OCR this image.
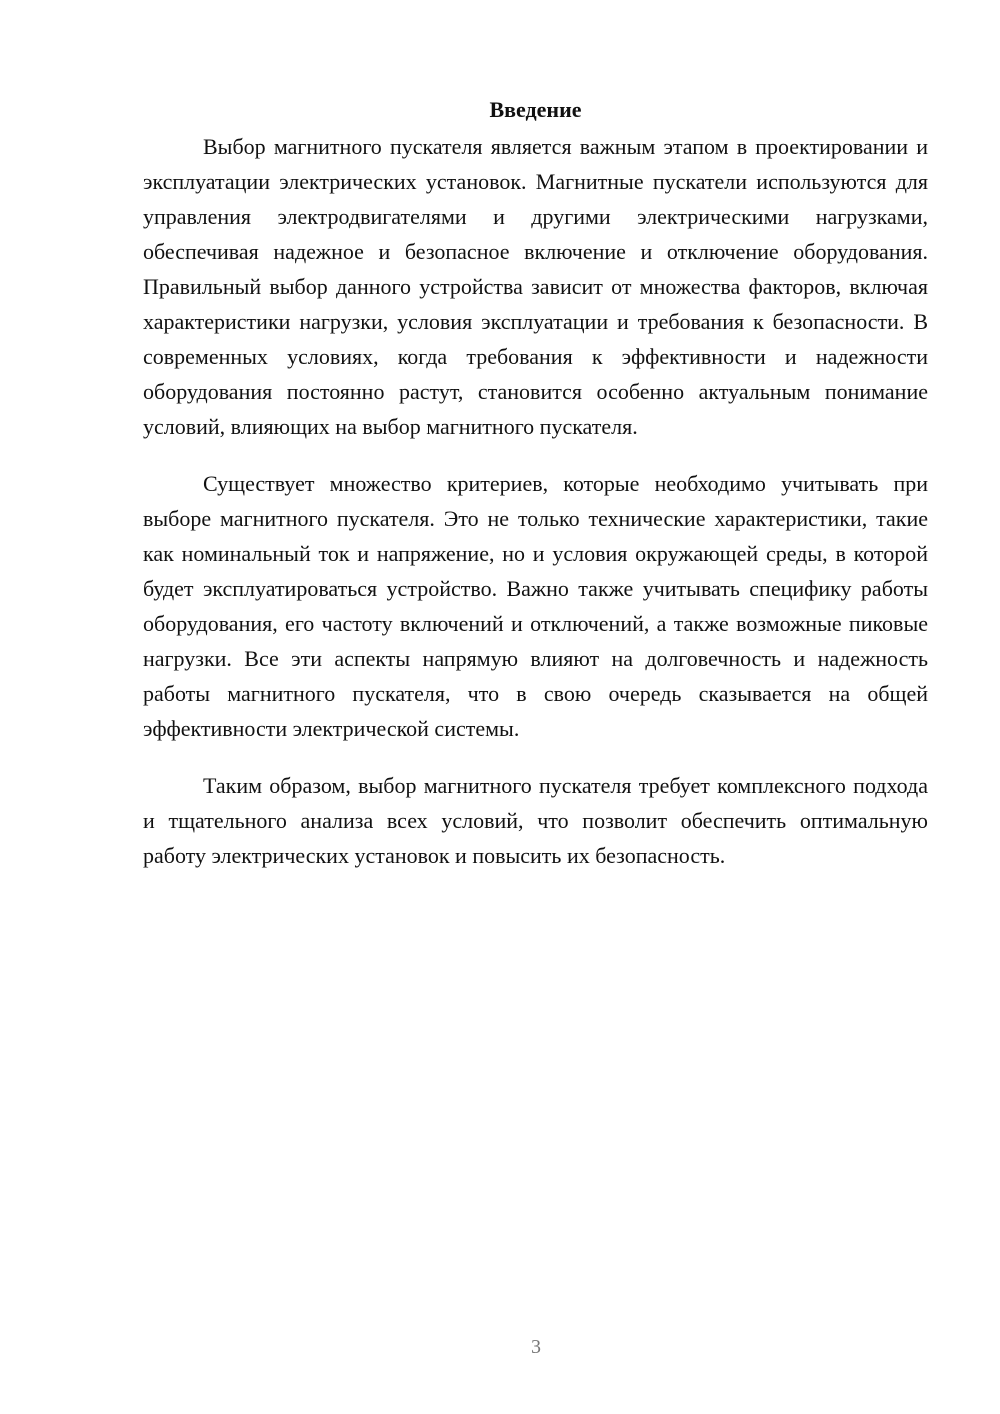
Введение

Выбор магнитного пускателя является важным этапом в проектировании и эксплуатации электрических установок. Магнитные пускатели используются для управления электродвигателями и другими электрическими нагрузками, обеспечивая надежное и безопасное включение и отключение оборудования. Правильный выбор данного устройства зависит от множества факторов, включая характеристики нагрузки, условия эксплуатации и требования к безопасности. В современных условиях, когда требования к эффективности и надежности оборудования постоянно растут, становится особенно актуальным понимание условий, влияющих на выбор магнитного пускателя.

Существует множество критериев, которые необходимо учитывать при выборе магнитного пускателя. Это не только технические характеристики, такие как номинальный ток и напряжение, но и условия окружающей среды, в которой будет эксплуатироваться устройство. Важно также учитывать специфику работы оборудования, его частоту включений и отключений, а также возможные пиковые нагрузки. Все эти аспекты напрямую влияют на долговечность и надежность работы магнитного пускателя, что в свою очередь сказывается на общей эффективности электрической системы.

Таким образом, выбор магнитного пускателя требует комплексного подхода и тщательного анализа всех условий, что позволит обеспечить оптимальную работу электрических установок и повысить их безопасность.

3
